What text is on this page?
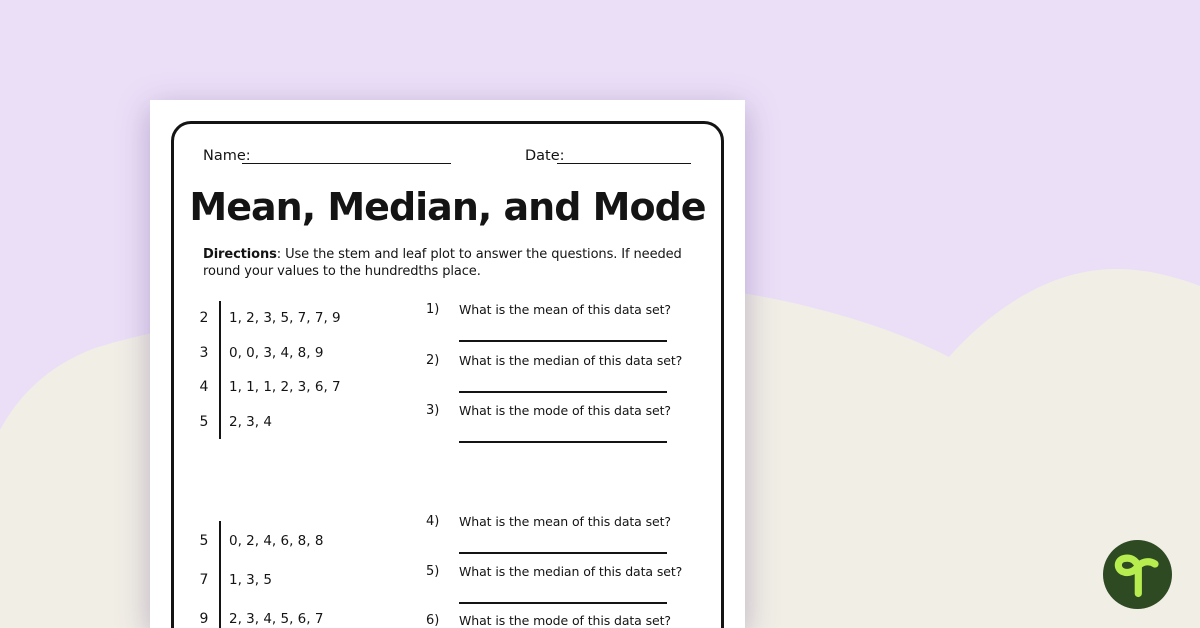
Name:	Date:
Mean, Median, and Mode
Directions: Use the stem and leaf plot to answer the questions. If needed
round your values to the hundredths place.
2	1, 2, 3, 5, 7, 7, 9
3	0, 0, 3, 4, 8, 9
4	1, 1, 1, 2, 3, 6, 7
5	2, 3, 4
5	0, 2, 4, 6, 8, 8
7	1, 3, 5
9	2, 3, 4, 5, 6, 7
1)	What is the mean of this data set?
2)	What is the median of this data set?
3)	What is the mode of this data set?
4)	What is the mean of this data set?
5)	What is the median of this data set?
6)	What is the mode of this data set?
